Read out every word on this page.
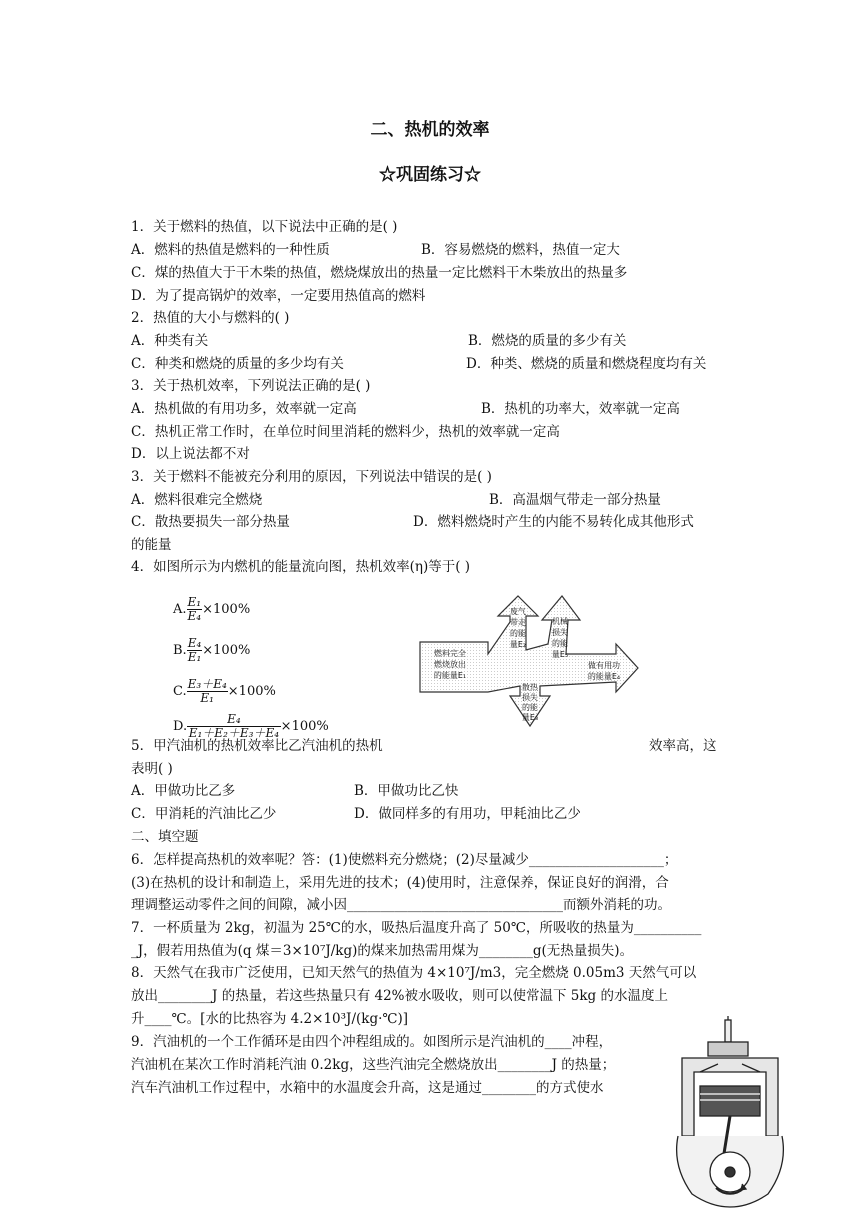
二、热机的效率
☆巩固练习☆
1．关于燃料的热值，以下说法中正确的是( )
A．燃料的热值是燃料的一种性质	B．容易燃烧的燃料，热值一定大
C．煤的热值大于干木柴的热值，燃烧煤放出的热量一定比燃料干木柴放出的热量多
D．为了提高锅炉的效率，一定要用热值高的燃料
2．热值的大小与燃料的( )
A．种类有关	B．燃烧的质量的多少有关
C．种类和燃烧的质量的多少均有关	D．种类、燃烧的质量和燃烧程度均有关
3．关于热机效率，下列说法正确的是( )
A．热机做的有用功多，效率就一定高	B．热机的功率大，效率就一定高
C．热机正常工作时，在单位时间里消耗的燃料少，热机的效率就一定高
D．以上说法都不对
3．关于燃料不能被充分利用的原因，下列说法中错误的是( )
A．燃料很难完全燃烧	B．高温烟气带走一部分热量
C．散热要损失一部分热量	D．燃料燃烧时产生的内能不易转化成其他形式
的能量
4．如图所示为内燃机的能量流向图，热机效率(η)等于( )
A. $\frac{\text{E₁}}{\text{E₄}} \times 100\%$
B. $\frac{\text{E₄}}{\text{E₁}} \times 100\%$
C. $\frac{\text{E₃＋E₄}}{\text{E₁}} \times 100\%$
D. $\frac{\text{E₄}}{\text{E₁＋E₂＋E₃＋E₄}} \times 100\%$
燃料完全
燃烧放出
的能量E₁
废气
带走
的能
量E₂
机械
损失
的能
量E₅
做有用功
的能量E₄
散热
损失
的能
量E₃
5．甲汽油机的热机效率比乙汽油机的热机	效率高，这
表明( )
A．甲做功比乙多	B．甲做功比乙快
C．甲消耗的汽油比乙少	D．做同样多的有用功，甲耗油比乙少
二、填空题
6．怎样提高热机的效率呢？答：(1)使燃料充分燃烧；(2)尽量减少____________________；
(3)在热机的设计和制造上，采用先进的技术；(4)使用时，注意保养，保证良好的润滑，合
理调整运动零件之间的间隙，减小因________________________________而额外消耗的功。
7．一杯质量为 2kg，初温为 25℃的水，吸热后温度升高了 50℃，所吸收的热量为__________
_J，假若用热值为(q 煤＝3×10⁷J/kg)的煤来加热需用煤为________g(无热量损失)。
8．天然气在我市广泛使用，已知天然气的热值为 4×10⁷J/m3，完全燃烧 0.05m3 天然气可以
放出________J 的热量，若这些热量只有 42%被水吸收，则可以使常温下 5kg 的水温度上
升____℃。[水的比热容为 4.2×10³J/(kg·℃)]
9．汽油机的一个工作循环是由四个冲程组成的。如图所示是汽油机的____冲程，
汽油机在某次工作时消耗汽油 0.2kg，这些汽油完全燃烧放出________J 的热量；
汽车汽油机工作过程中，水箱中的水温度会升高，这是通过________的方式使水
